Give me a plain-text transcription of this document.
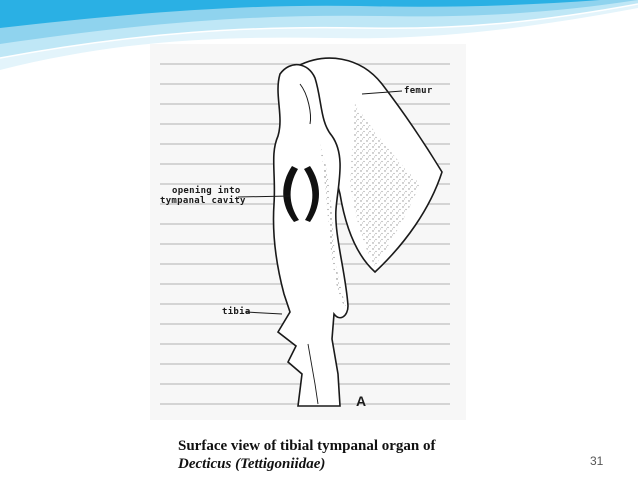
femur
opening into
tympanal cavity
tibia
A
Surface view of tibial tympanal organ of
Decticus (Tettigoniidae)	31
